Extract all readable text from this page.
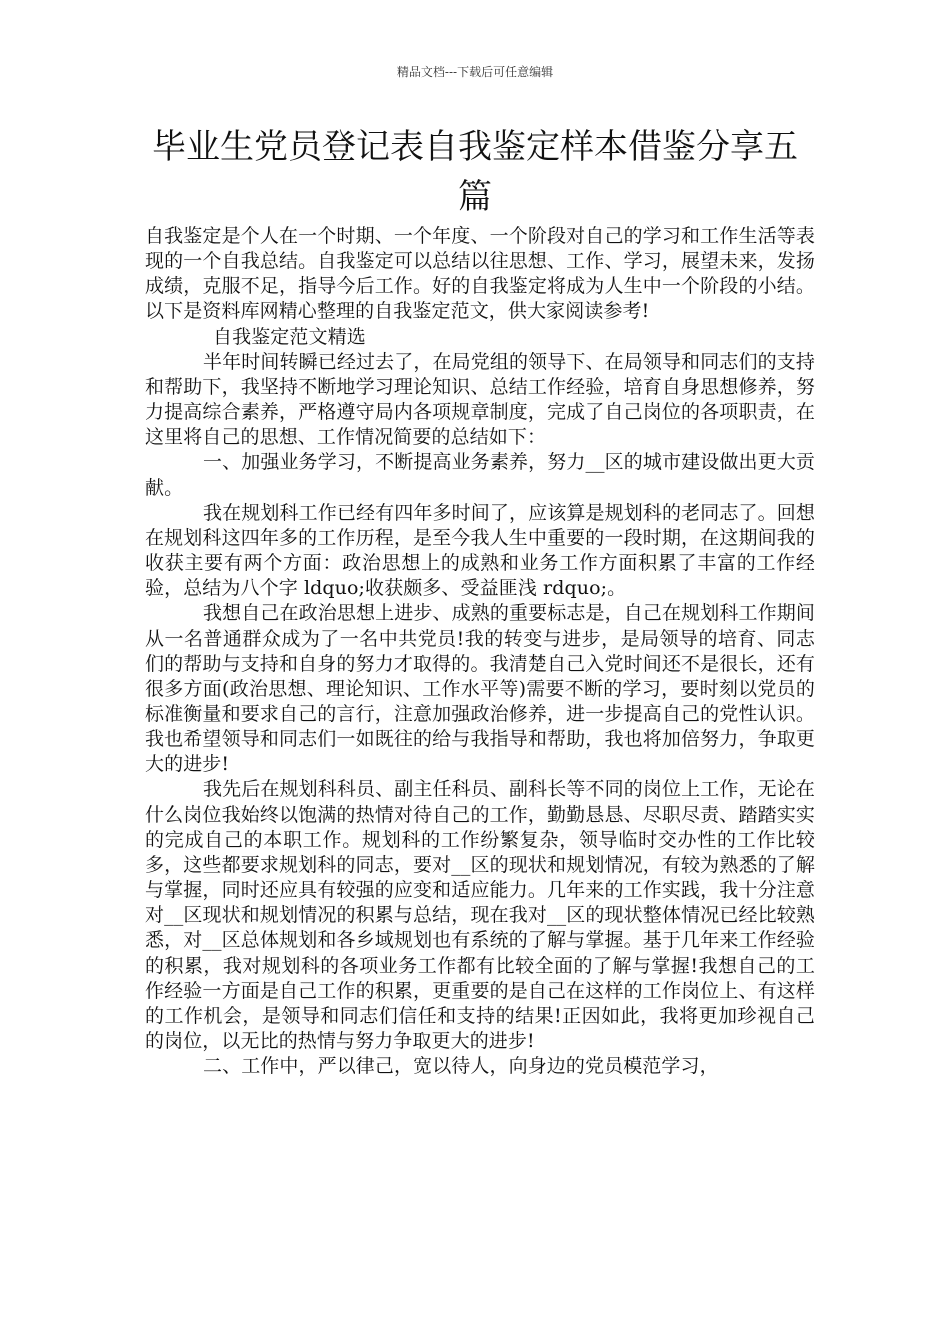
精品文档---下载后可任意编辑
毕业生党员登记表自我鉴定样本借鉴分享五篇

自我鉴定是个人在一个时期、一个年度、一个阶段对自己的学习和工作生活等表现的一个自我总结。自我鉴定可以总结以往思想、工作、学习，展望未来，发扬成绩，克服不足，指导今后工作。好的自我鉴定将成为人生中一个阶段的小结。以下是资料库网精心整理的自我鉴定范文，供大家阅读参考!

自我鉴定范文精选

半年时间转瞬已经过去了，在局党组的领导下、在局领导和同志们的支持和帮助下，我坚持不断地学习理论知识、总结工作经验，培育自身思想修养，努力提高综合素养，严格遵守局内各项规章制度，完成了自己岗位的各项职责，在这里将自己的思想、工作情况简要的总结如下：

一、加强业务学习，不断提高业务素养，努力__区的城市建设做出更大贡献。

我在规划科工作已经有四年多时间了，应该算是规划科的老同志了。回想在规划科这四年多的工作历程，是至今我人生中重要的一段时期，在这期间我的收获主要有两个方面：政治思想上的成熟和业务工作方面积累了丰富的工作经验，总结为八个字 ldquo;收获颇多、受益匪浅 rdquo;。

我想自己在政治思想上进步、成熟的重要标志是，自己在规划科工作期间从一名普通群众成为了一名中共党员!我的转变与进步，是局领导的培育、同志们的帮助与支持和自身的努力才取得的。我清楚自己入党时间还不是很长，还有很多方面(政治思想、理论知识、工作水平等)需要不断的学习，要时刻以党员的标准衡量和要求自己的言行，注意加强政治修养，进一步提高自己的党性认识。我也希望领导和同志们一如既往的给与我指导和帮助，我也将加倍努力，争取更大的进步!

我先后在规划科科员、副主任科员、副科长等不同的岗位上工作，无论在什么岗位我始终以饱满的热情对待自己的工作，勤勤恳恳、尽职尽责、踏踏实实的完成自己的本职工作。规划科的工作纷繁复杂，领导临时交办性的工作比较多，这些都要求规划科的同志，要对__区的现状和规划情况，有较为熟悉的了解与掌握，同时还应具有较强的应变和适应能力。几年来的工作实践，我十分注意对__区现状和规划情况的积累与总结，现在我对__区的现状整体情况已经比较熟悉，对__区总体规划和各乡域规划也有系统的了解与掌握。基于几年来工作经验的积累，我对规划科的各项业务工作都有比较全面的了解与掌握!我想自己的工作经验一方面是自己工作的积累，更重要的是自己在这样的工作岗位上、有这样的工作机会，是领导和同志们信任和支持的结果!正因如此，我将更加珍视自己的岗位，以无比的热情与努力争取更大的进步!

二、工作中，严以律己，宽以待人，向身边的党员模范学习，
